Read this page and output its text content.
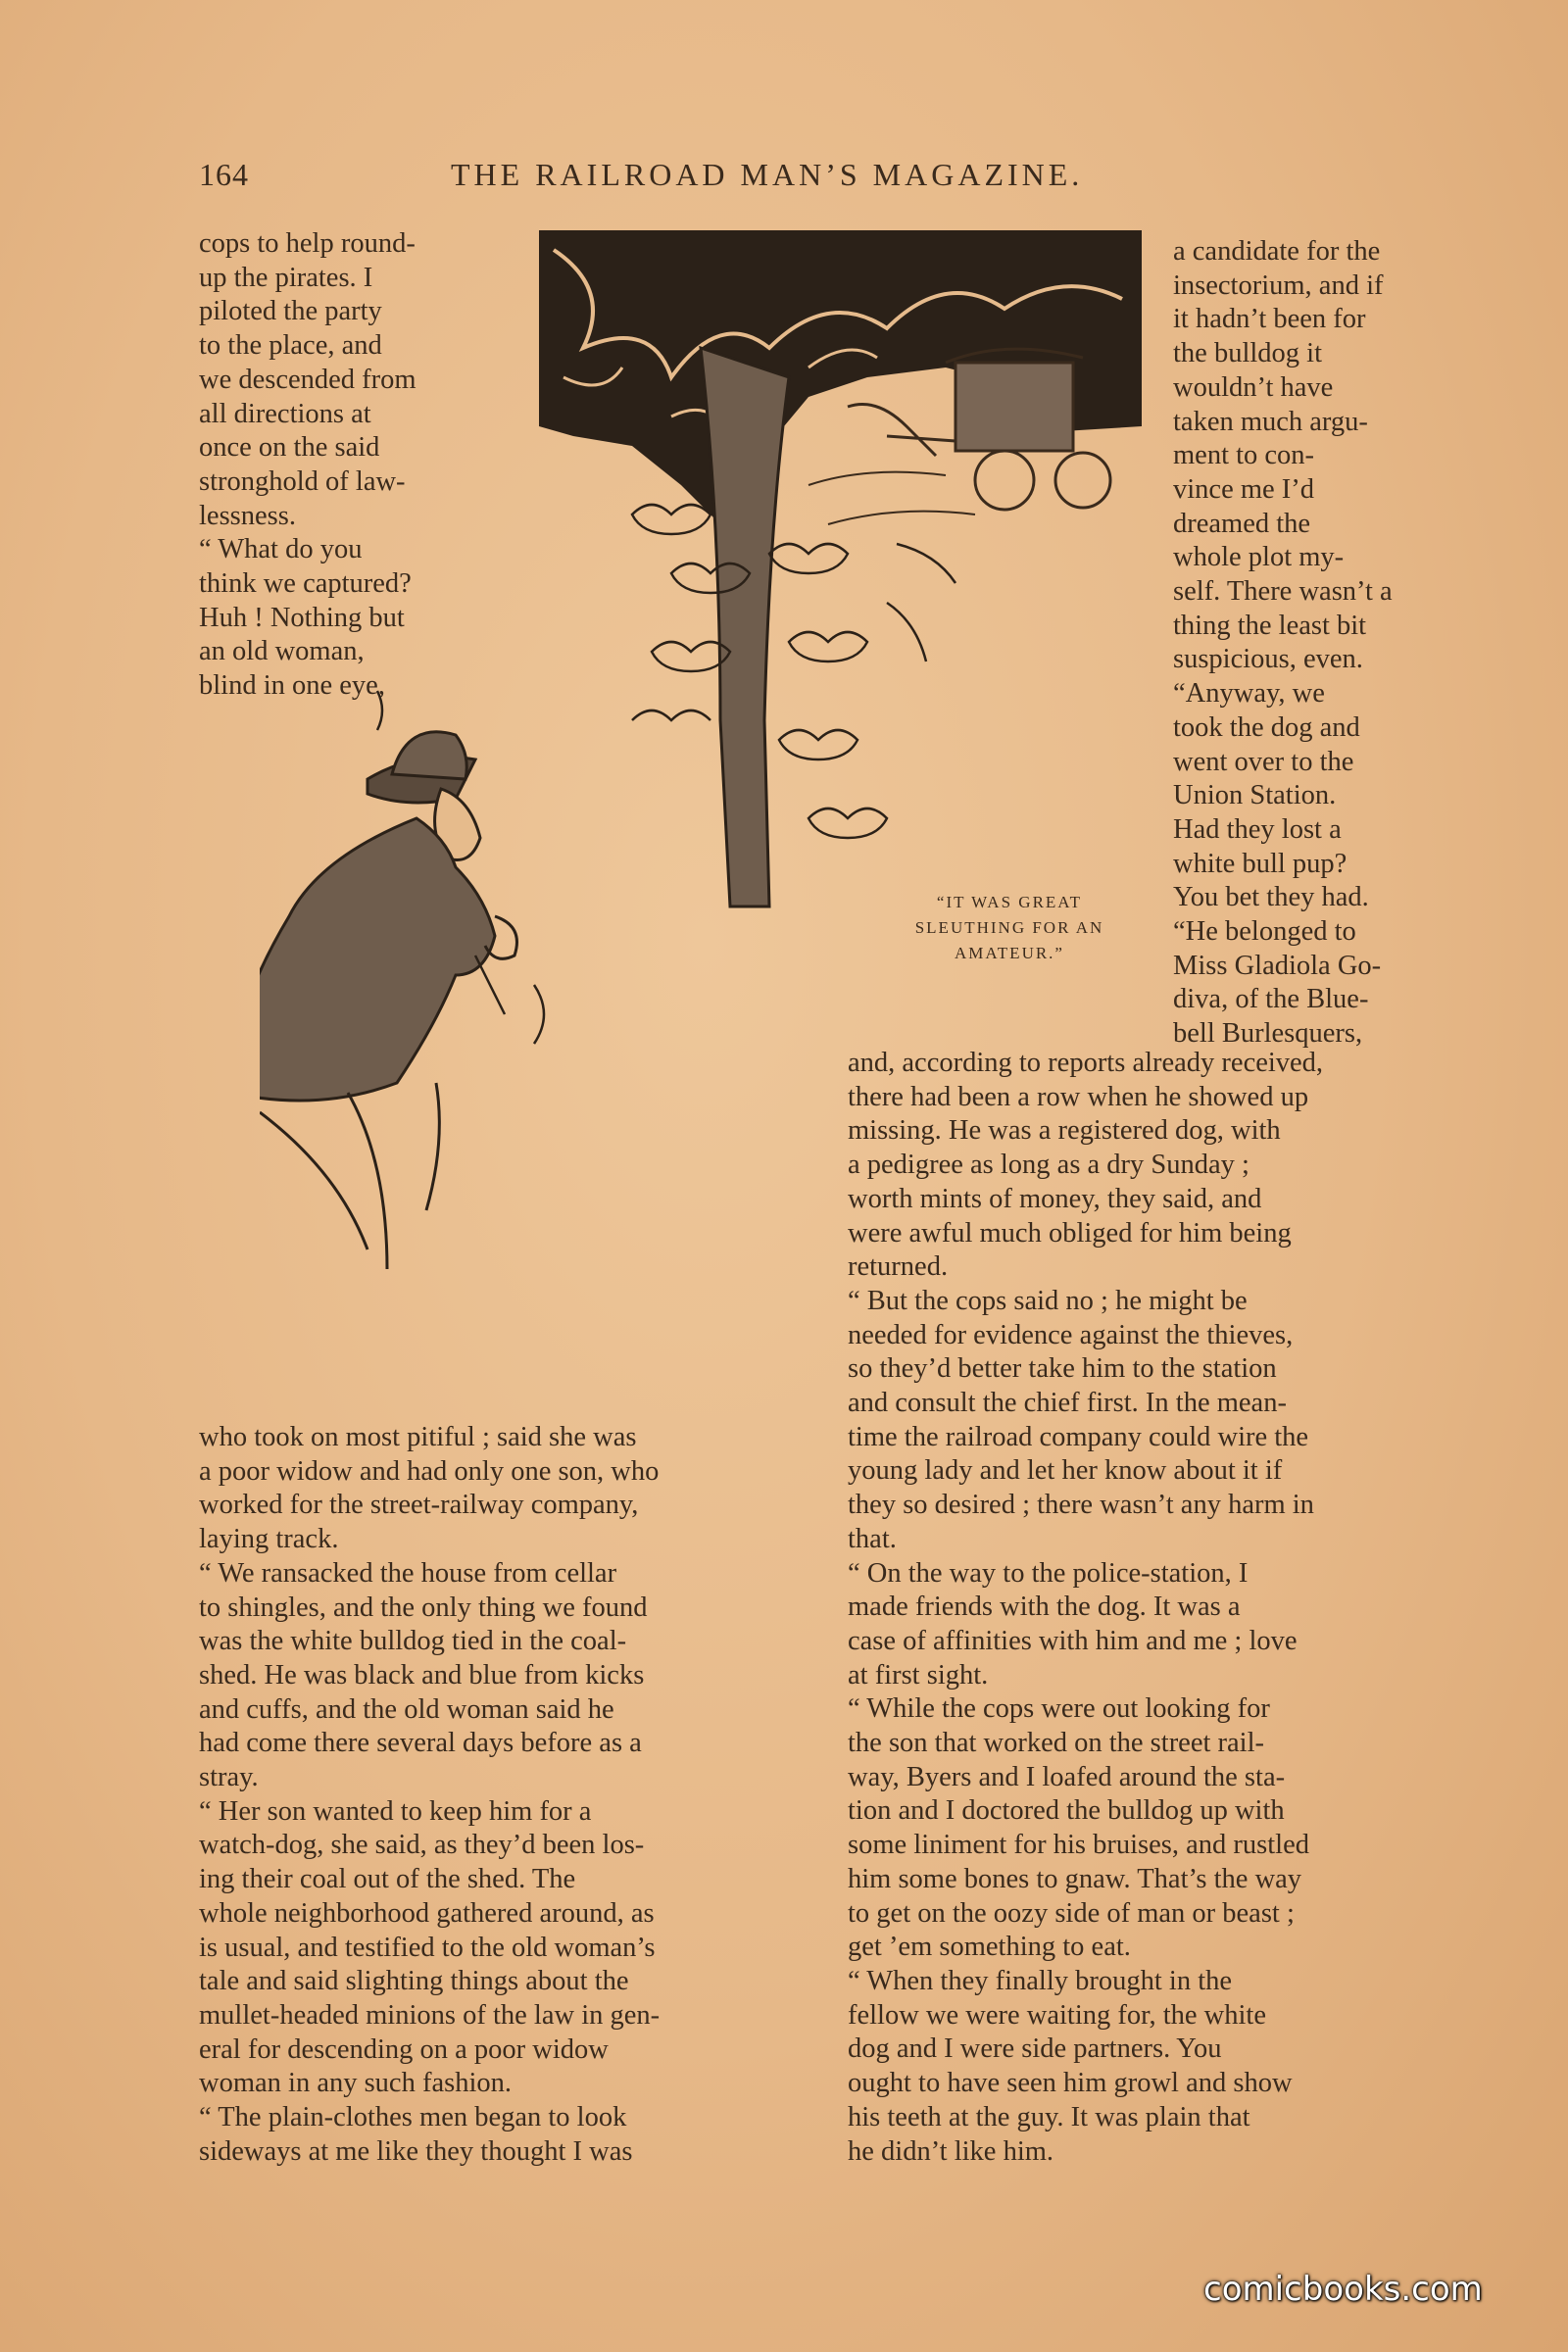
164	THE RAILROAD MAN’S MAGAZINE.
“IT WAS GREAT SLEUTHING FOR AN AMATEUR.”

cops to help round-

up the pirates. I

piloted the party

to the place, and

we descended from

all directions at

once on the said

stronghold of law-

lessness.

“ What do you

think we captured?

Huh ! Nothing but

an old woman,

blind in one eye,

a candidate for the

insectorium, and if

it hadn’t been for

the bulldog it

wouldn’t have

taken much argu-

ment to con-

vince me I’d

dreamed the

whole plot my-

self. There wasn’t a

thing the least bit

suspicious, even.

“Anyway, we

took the dog and

went over to the

Union Station.

Had they lost a

white bull pup?

You bet they had.

“He belonged to

Miss Gladiola Go-

diva, of the Blue-

bell Burlesquers,

who took on most pitiful ; said she was

a poor widow and had only one son, who

worked for the street-railway company,

laying track.

“ We ransacked the house from cellar

to shingles, and the only thing we found

was the white bulldog tied in the coal-

shed. He was black and blue from kicks

and cuffs, and the old woman said he

had come there several days before as a

stray.

“ Her son wanted to keep him for a

watch-dog, she said, as they’d been los-

ing their coal out of the shed. The

whole neighborhood gathered around, as

is usual, and testified to the old woman’s

tale and said slighting things about the

mullet-headed minions of the law in gen-

eral for descending on a poor widow

woman in any such fashion.

“ The plain-clothes men began to look

sideways at me like they thought I was

and, according to reports already received,

there had been a row when he showed up

missing. He was a registered dog, with

a pedigree as long as a dry Sunday ;

worth mints of money, they said, and

were awful much obliged for him being

returned.

“ But the cops said no ; he might be

needed for evidence against the thieves,

so they’d better take him to the station

and consult the chief first. In the mean-

time the railroad company could wire the

young lady and let her know about it if

they so desired ; there wasn’t any harm in

that.

“ On the way to the police-station, I

made friends with the dog. It was a

case of affinities with him and me ; love

at first sight.

“ While the cops were out looking for

the son that worked on the street rail-

way, Byers and I loafed around the sta-

tion and I doctored the bulldog up with

some liniment for his bruises, and rustled

him some bones to gnaw. That’s the way

to get on the oozy side of man or beast ;

get ’em something to eat.

“ When they finally brought in the

fellow we were waiting for, the white

dog and I were side partners. You

ought to have seen him growl and show

his teeth at the guy. It was plain that

he didn’t like him.

comicbooks.com
